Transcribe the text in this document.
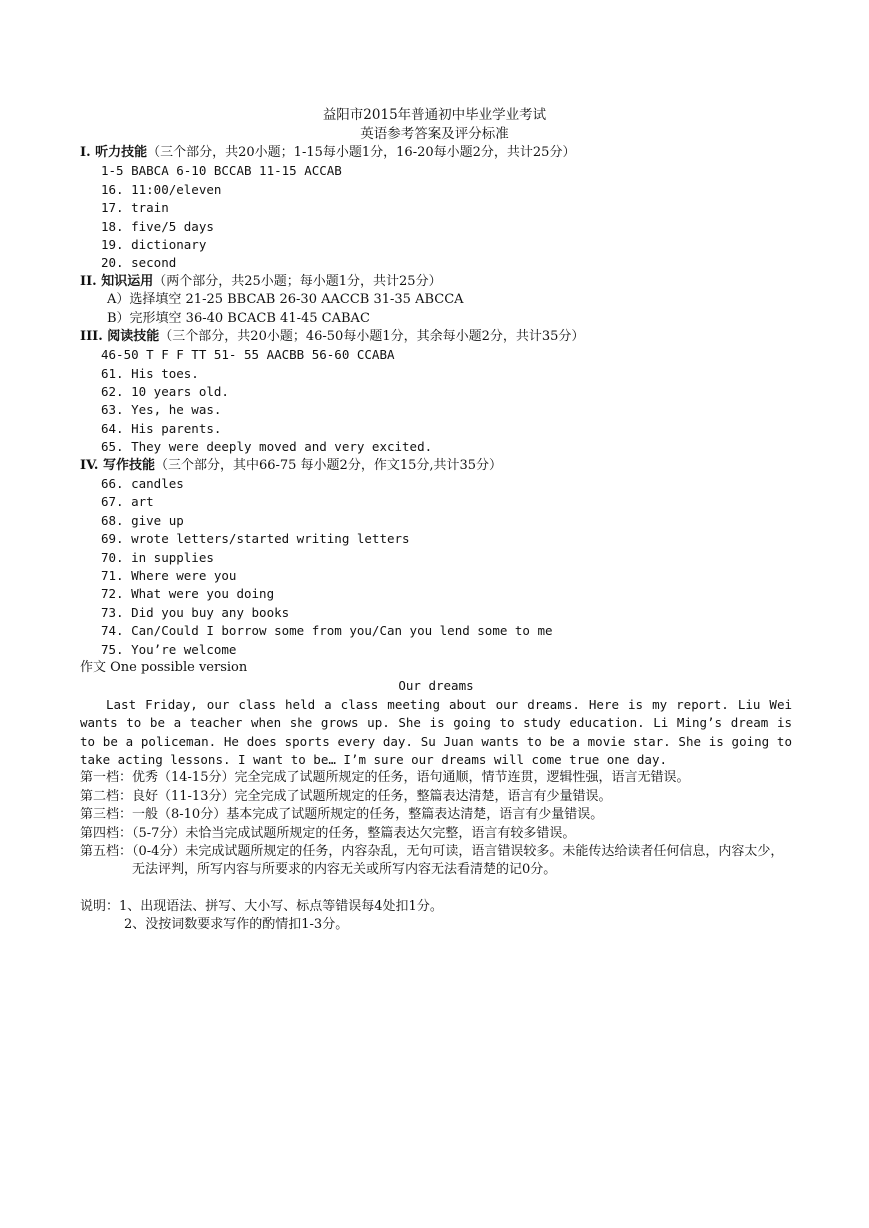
益阳市2015年普通初中毕业学业考试
英语参考答案及评分标准
I. 听力技能（三个部分，共20小题；1-15每小题1分，16-20每小题2分，共计25分）
1-5 BABCA 6-10 BCCAB 11-15 ACCAB
16. 11:00/eleven
17. train
18. five/5 days
19. dictionary
20. second
II. 知识运用（两个部分，共25小题；每小题1分，共计25分）
A）选择填空 21-25 BBCAB 26-30 AACCB 31-35 ABCCA
B）完形填空 36-40 BCACB 41-45 CABAC
III. 阅读技能（三个部分，共20小题；46-50每小题1分，其余每小题2分，共计35分）
46-50 T F F TT 51- 55 AACBB 56-60 CCABA
61. His toes.
62. 10 years old.
63. Yes, he was.
64. His parents.
65. They were deeply moved and very excited.
IV. 写作技能（三个部分，其中66-75 每小题2分，作文15分,共计35分）
66. candles
67. art
68. give up
69. wrote letters/started writing letters
70. in supplies
71. Where were you
72. What were you doing
73. Did you buy any books
74. Can/Could I borrow some from you/Can you lend some to me
75. You’re welcome
作文 One possible version
Our dreams
Last Friday, our class held a class meeting about our dreams. Here is my report. Liu Wei wants to be a teacher when she grows up. She is going to study education. Li Ming’s dream is to be a policeman. He does sports every day. Su Juan wants to be a movie star. She is going to take acting lessons. I want to be… I’m sure our dreams will come true one day.
第一档：优秀（14-15分）完全完成了试题所规定的任务，语句通顺，情节连贯，逻辑性强，语言无错误。
第二档：良好（11-13分）完全完成了试题所规定的任务，整篇表达清楚，语言有少量错误。
第三档：一般（8-10分）基本完成了试题所规定的任务，整篇表达清楚，语言有少量错误。
第四档：（5-7分）未恰当完成试题所规定的任务，整篇表达欠完整，语言有较多错误。
第五档：（0-4分）未完成试题所规定的任务，内容杂乱，无句可读，语言错误较多。未能传达给读者任何信息，内容太少，无法评判，所写内容与所要求的内容无关或所写内容无法看清楚的记0分。
说明：1、出现语法、拼写、大小写、标点等错误每4处扣1分。
2、没按词数要求写作的酌情扣1-3分。
